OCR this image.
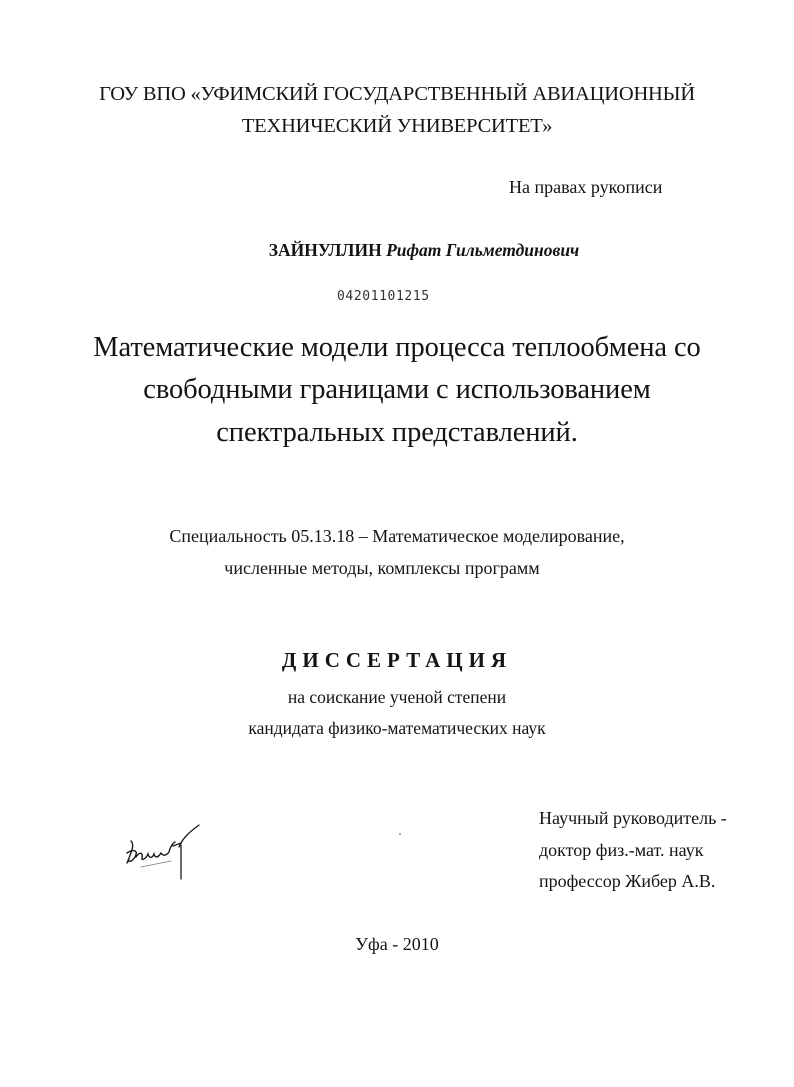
ГОУ ВПО «УФИМСКИЙ ГОСУДАРСТВЕННЫЙ АВИАЦИОННЫЙ
ТЕХНИЧЕСКИЙ УНИВЕРСИТЕТ»
На правах рукописи
ЗАЙНУЛЛИН Рифат Гильметдинович
04201101215
Математические модели процесса теплообмена со
свободными границами с использованием
спектральных представлений.
Специальность 05.13.18 – Математическое моделирование,
численные методы, комплексы программ
ДИССЕРТАЦИЯ
на соискание ученой степени
кандидата физико-математических наук
Научный руководитель -
доктор физ.-мат. наук
профессор Жибер А.В.
Уфа - 2010
